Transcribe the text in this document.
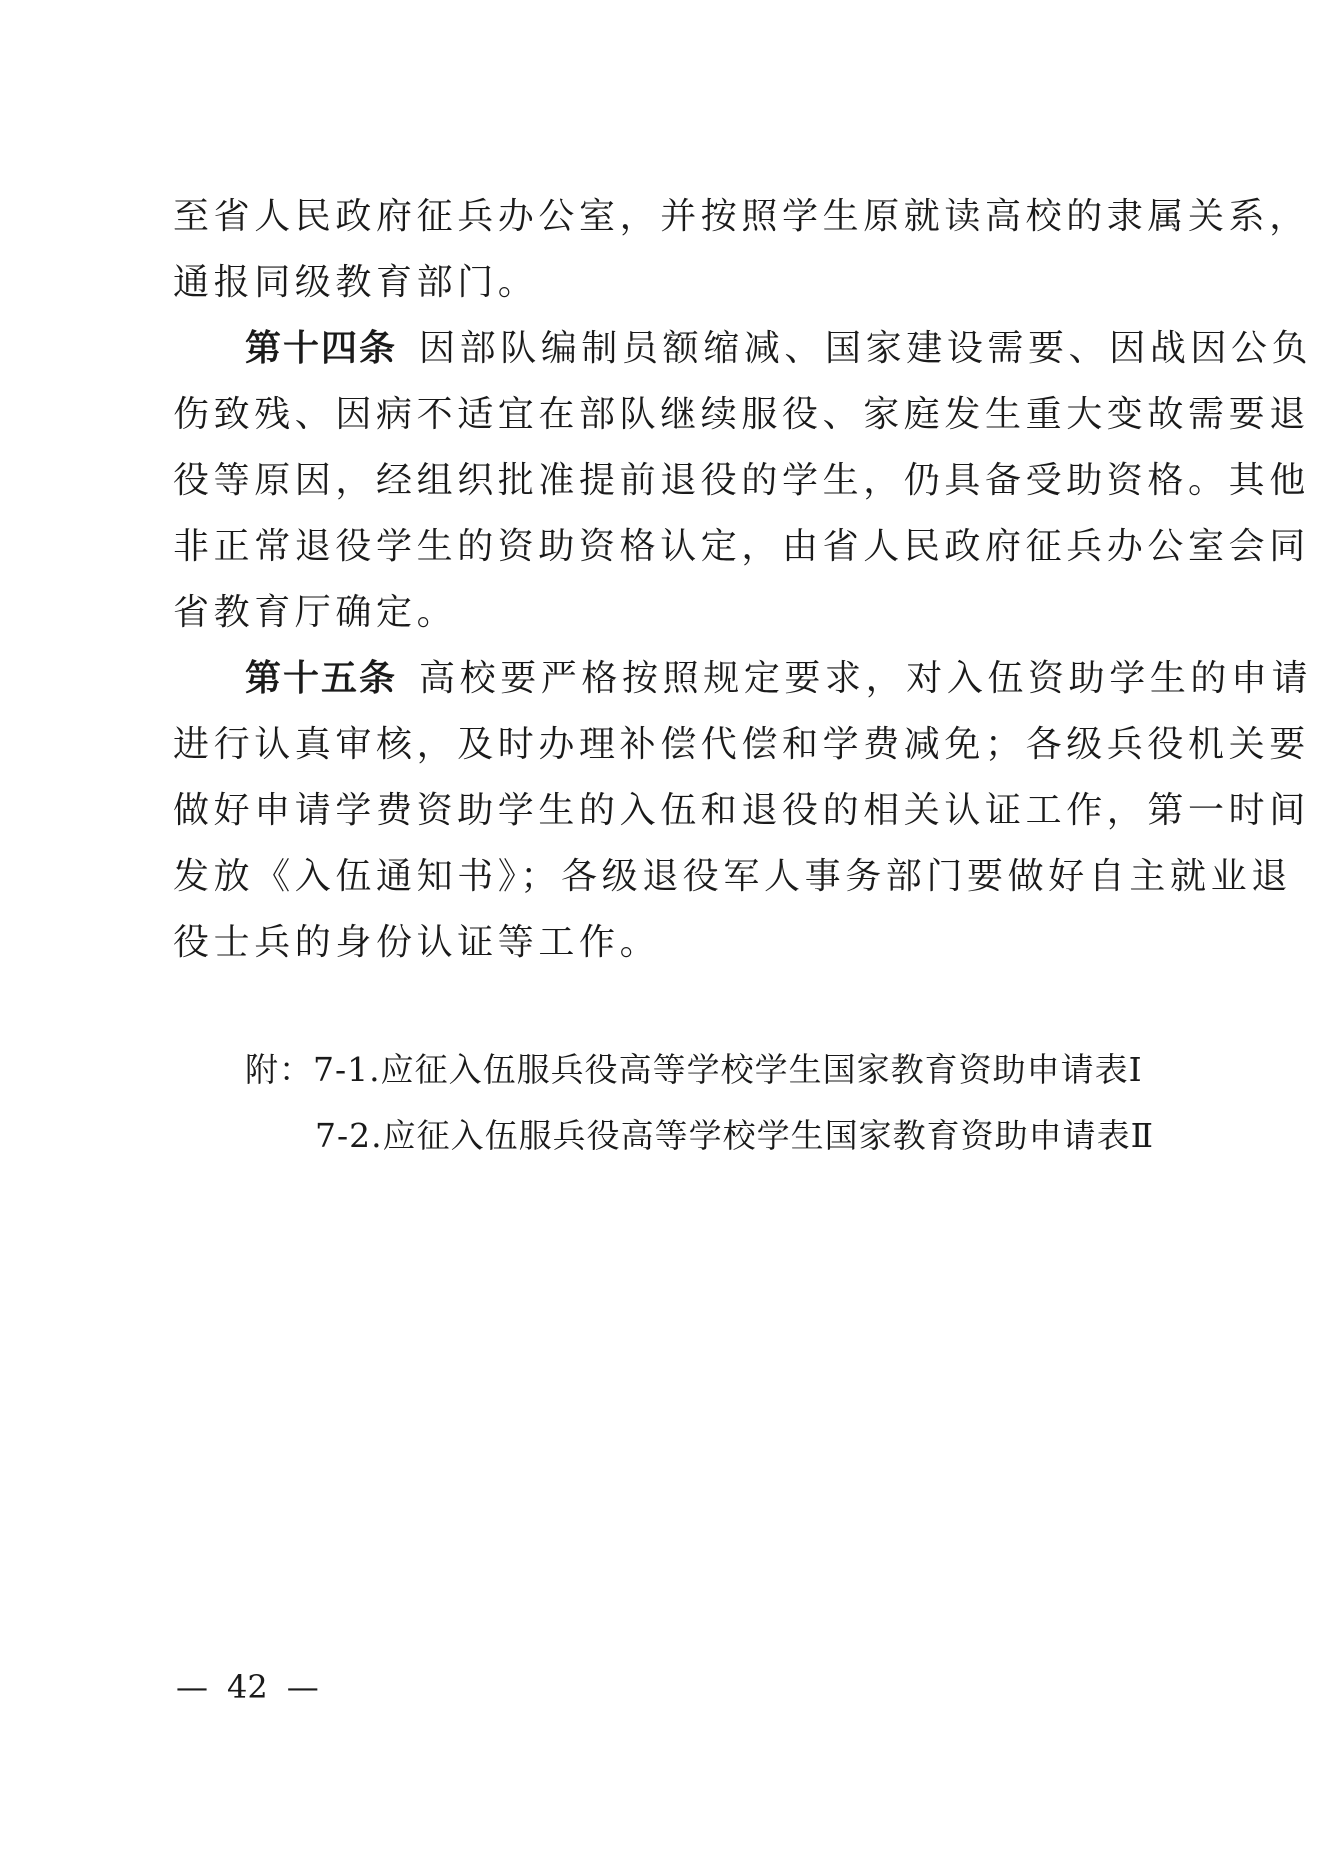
至省人民政府征兵办公室，并按照学生原就读高校的隶属关系，
通报同级教育部门。
第十四条 因部队编制员额缩减、国家建设需要、因战因公负
伤致残、因病不适宜在部队继续服役、家庭发生重大变故需要退
役等原因，经组织批准提前退役的学生，仍具备受助资格。其他
非正常退役学生的资助资格认定，由省人民政府征兵办公室会同
省教育厅确定。
第十五条 高校要严格按照规定要求，对入伍资助学生的申请
进行认真审核，及时办理补偿代偿和学费减免；各级兵役机关要
做好申请学费资助学生的入伍和退役的相关认证工作，第一时间
发放《入伍通知书》；各级退役军人事务部门要做好自主就业退
役士兵的身份认证等工作。
附：7-1.应征入伍服兵役高等学校学生国家教育资助申请表Ⅰ
7-2.应征入伍服兵役高等学校学生国家教育资助申请表Ⅱ
— 42 —
